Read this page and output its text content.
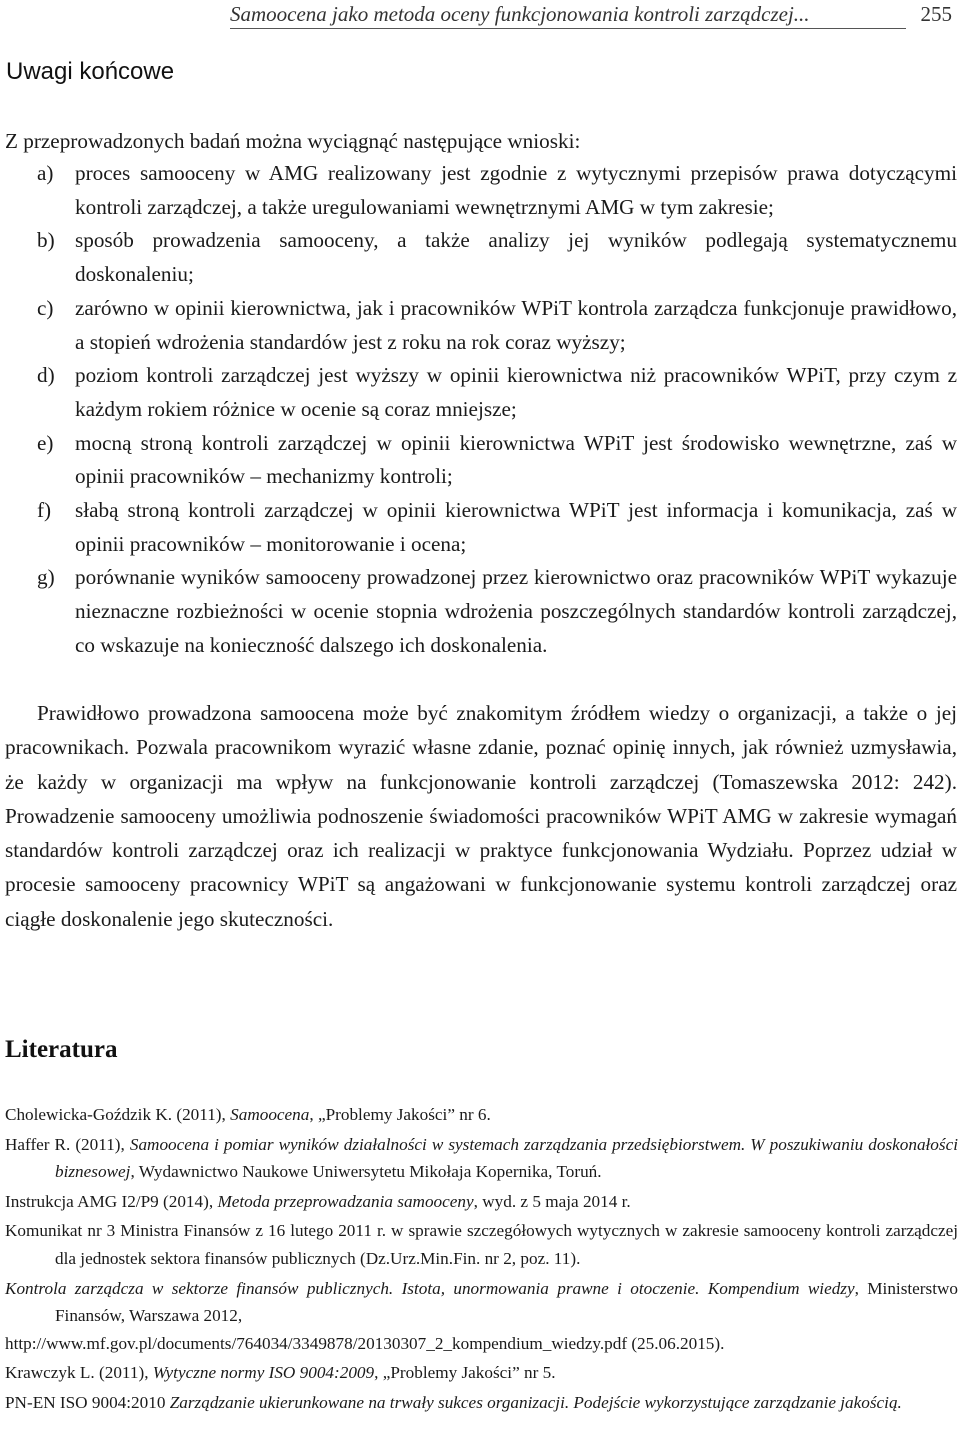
Samoocena jako metoda oceny funkcjonowania kontroli zarządczej...	255
Uwagi końcowe
Z przeprowadzonych badań można wyciągnąć następujące wnioski:
a)	proces samooceny w AMG realizowany jest zgodnie z wytycznymi przepisów prawa dotyczącymi kontroli zarządczej, a także uregulowaniami wewnętrznymi AMG w tym zakresie;
b) sposób prowadzenia samooceny, a także analizy jej wyników podlegają systematycznemu doskonaleniu;
c)	zarówno w opinii kierownictwa, jak i pracowników WPiT kontrola zarządcza funkcjonuje prawidłowo, a stopień wdrożenia standardów jest z roku na rok coraz wyższy;
d) poziom kontroli zarządczej jest wyższy w opinii kierownictwa niż pracowników WPiT, przy czym z każdym rokiem różnice w ocenie są coraz mniejsze;
e)	mocną stroną kontroli zarządczej w opinii kierownictwa WPiT jest środowisko wewnętrzne, zaś w opinii pracowników – mechanizmy kontroli;
f)	słabą stroną kontroli zarządczej w opinii kierownictwa WPiT jest informacja i komunikacja, zaś w opinii pracowników – monitorowanie i ocena;
g) porównanie wyników samooceny prowadzonej przez kierownictwo oraz pracowników WPiT wykazuje nieznaczne rozbieżności w ocenie stopnia wdrożenia poszczególnych standardów kontroli zarządczej, co wskazuje na konieczność dalszego ich doskonalenia.

Prawidłowo prowadzona samoocena może być znakomitym źródłem wiedzy o organizacji, a także o jej pracownikach. Pozwala pracownikom wyrazić własne zdanie, poznać opinię innych, jak również uzmysławia, że każdy w organizacji ma wpływ na funkcjonowanie kontroli zarządczej (Tomaszewska 2012: 242). Prowadzenie samooceny umożliwia podnoszenie świadomości pracowników WPiT AMG w zakresie wymagań standardów kontroli zarządczej oraz ich realizacji w praktyce funkcjonowania Wydziału. Poprzez udział w procesie samooceny pracownicy WPiT są angażowani w funkcjonowanie systemu kontroli zarządczej oraz ciągłe doskonalenie jego skuteczności.

Literatura
Cholewicka-Goździk K. (2011), Samoocena, „Problemy Jakości” nr 6.
Haffer R. (2011), Samoocena i pomiar wyników działalności w systemach zarządzania przedsiębiorstwem. W poszukiwaniu doskonałości biznesowej, Wydawnictwo Naukowe Uniwersytetu Mikołaja Kopernika, Toruń.
Instrukcja AMG I2/P9 (2014), Metoda przeprowadzania samooceny, wyd. z 5 maja 2014 r.
Komunikat nr 3 Ministra Finansów z 16 lutego 2011 r. w sprawie szczegółowych wytycznych w zakresie samooceny kontroli zarządczej dla jednostek sektora finansów publicznych (Dz.Urz.Min.Fin. nr 2, poz. 11).
Kontrola zarządcza w sektorze finansów publicznych. Istota, unormowania prawne i otoczenie. Kompendium wiedzy, Ministerstwo Finansów, Warszawa 2012,
http://www.mf.gov.pl/documents/764034/3349878/20130307_2_kompendium_wiedzy.pdf (25.06.2015).
Krawczyk L. (2011), Wytyczne normy ISO 9004:2009, „Problemy Jakości” nr 5.
PN-EN ISO 9004:2010 Zarządzanie ukierunkowane na trwały sukces organizacji. Podejście wykorzystujące zarządzanie jakością.
